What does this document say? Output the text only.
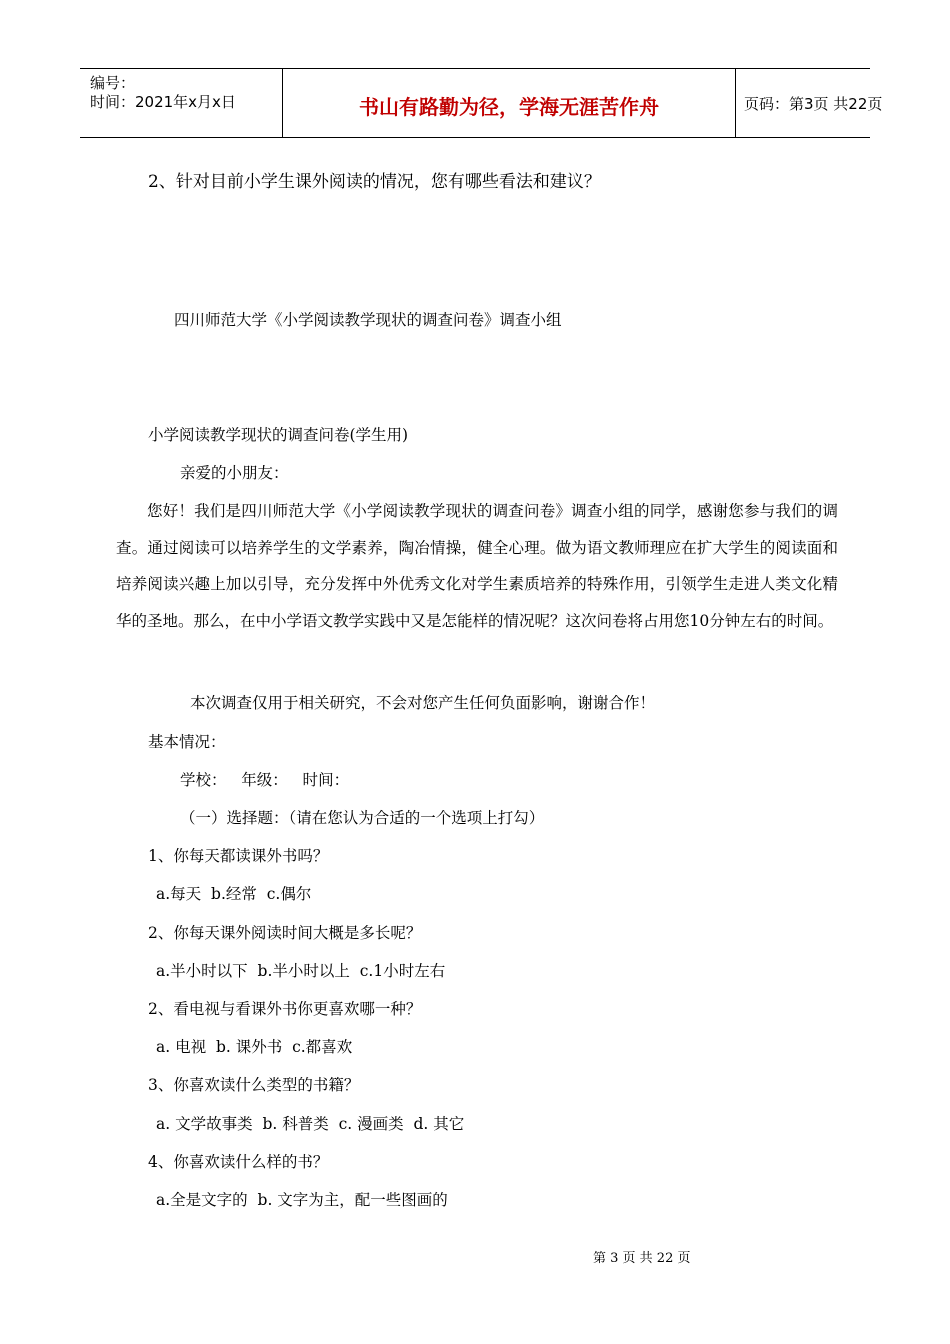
编号：
时间：2021年x月x日	书山有路勤为径，学海无涯苦作舟	页码：第3页 共22页
2、针对目前小学生课外阅读的情况，您有哪些看法和建议？
四川师范大学《小学阅读教学现状的调查问卷》调查小组
小学阅读教学现状的调查问卷(学生用)
亲爱的小朋友：
您好！我们是四川师范大学《小学阅读教学现状的调查问卷》调查小组的同学，感谢您参与我们的调查。通过阅读可以培养学生的文学素养，陶冶情操，健全心理。做为语文教师理应在扩大学生的阅读面和培养阅读兴趣上加以引导，充分发挥中外优秀文化对学生素质培养的特殊作用，引领学生走进人类文化精华的圣地。那么，在中小学语文教学实践中又是怎能样的情况呢？这次问卷将占用您10分钟左右的时间。
本次调查仅用于相关研究，不会对您产生任何负面影响，谢谢合作！
基本情况：
学校：   年级：   时间：
（一）选择题：（请在您认为合适的一个选项上打勾）
1、你每天都读课外书吗？
a.每天  b.经常  c.偶尔
2、你每天课外阅读时间大概是多长呢？
a.半小时以下  b.半小时以上  c.1小时左右
2、看电视与看课外书你更喜欢哪一种？
a. 电视  b. 课外书  c.都喜欢
3、你喜欢读什么类型的书籍？
a. 文学故事类  b. 科普类  c. 漫画类  d. 其它
4、你喜欢读什么样的书？
a.全是文字的  b. 文字为主，配一些图画的
第 3 页 共 22 页
